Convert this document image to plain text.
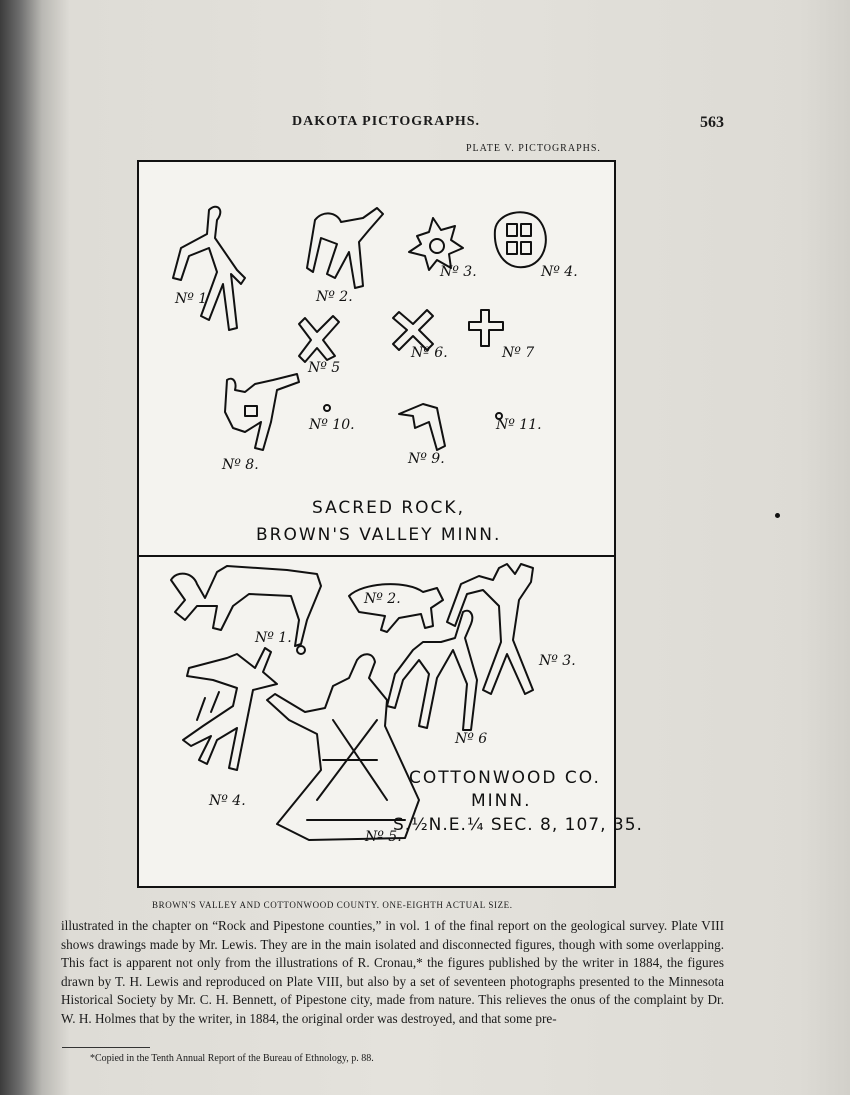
DAKOTA PICTOGRAPHS.	563
PLATE V. PICTOGRAPHS.
Nº 1	Nº 2.
Nº 3.	Nº 4.
Nº 5
Nº 6.	Nº 7
Nº 8.	Nº 9.
Nº 10.	Nº 11.
SACRED ROCK,
BROWN'S VALLEY MINN.
Nº 1.
Nº 2.
Nº 3.
Nº 4.
Nº 5.
Nº 6
COTTONWOOD CO.
MINN.
S.½N.E.¼ SEC. 8, 107, 35.
BROWN'S VALLEY AND COTTONWOOD COUNTY. ONE-EIGHTH ACTUAL SIZE.

illustrated in the chapter on “Rock and Pipestone counties,” in vol. 1 of the final report on the geological survey. Plate VIII shows drawings made by Mr. Lewis. They are in the main isolated and disconnected figures, though with some overlapping. This fact is apparent not only from the illustrations of R. Cronau,* the figures published by the writer in 1884, the figures drawn by T. H. Lewis and reproduced on Plate VIII, but also by a set of seventeen photographs presented to the Minnesota Historical Society by Mr. C. H. Bennett, of Pipestone city, made from nature. This relieves the onus of the complaint by Dr. W. H. Holmes that by the writer, in 1884, the original order was destroyed, and that some pre-

*Copied in the Tenth Annual Report of the Bureau of Ethnology, p. 88.
